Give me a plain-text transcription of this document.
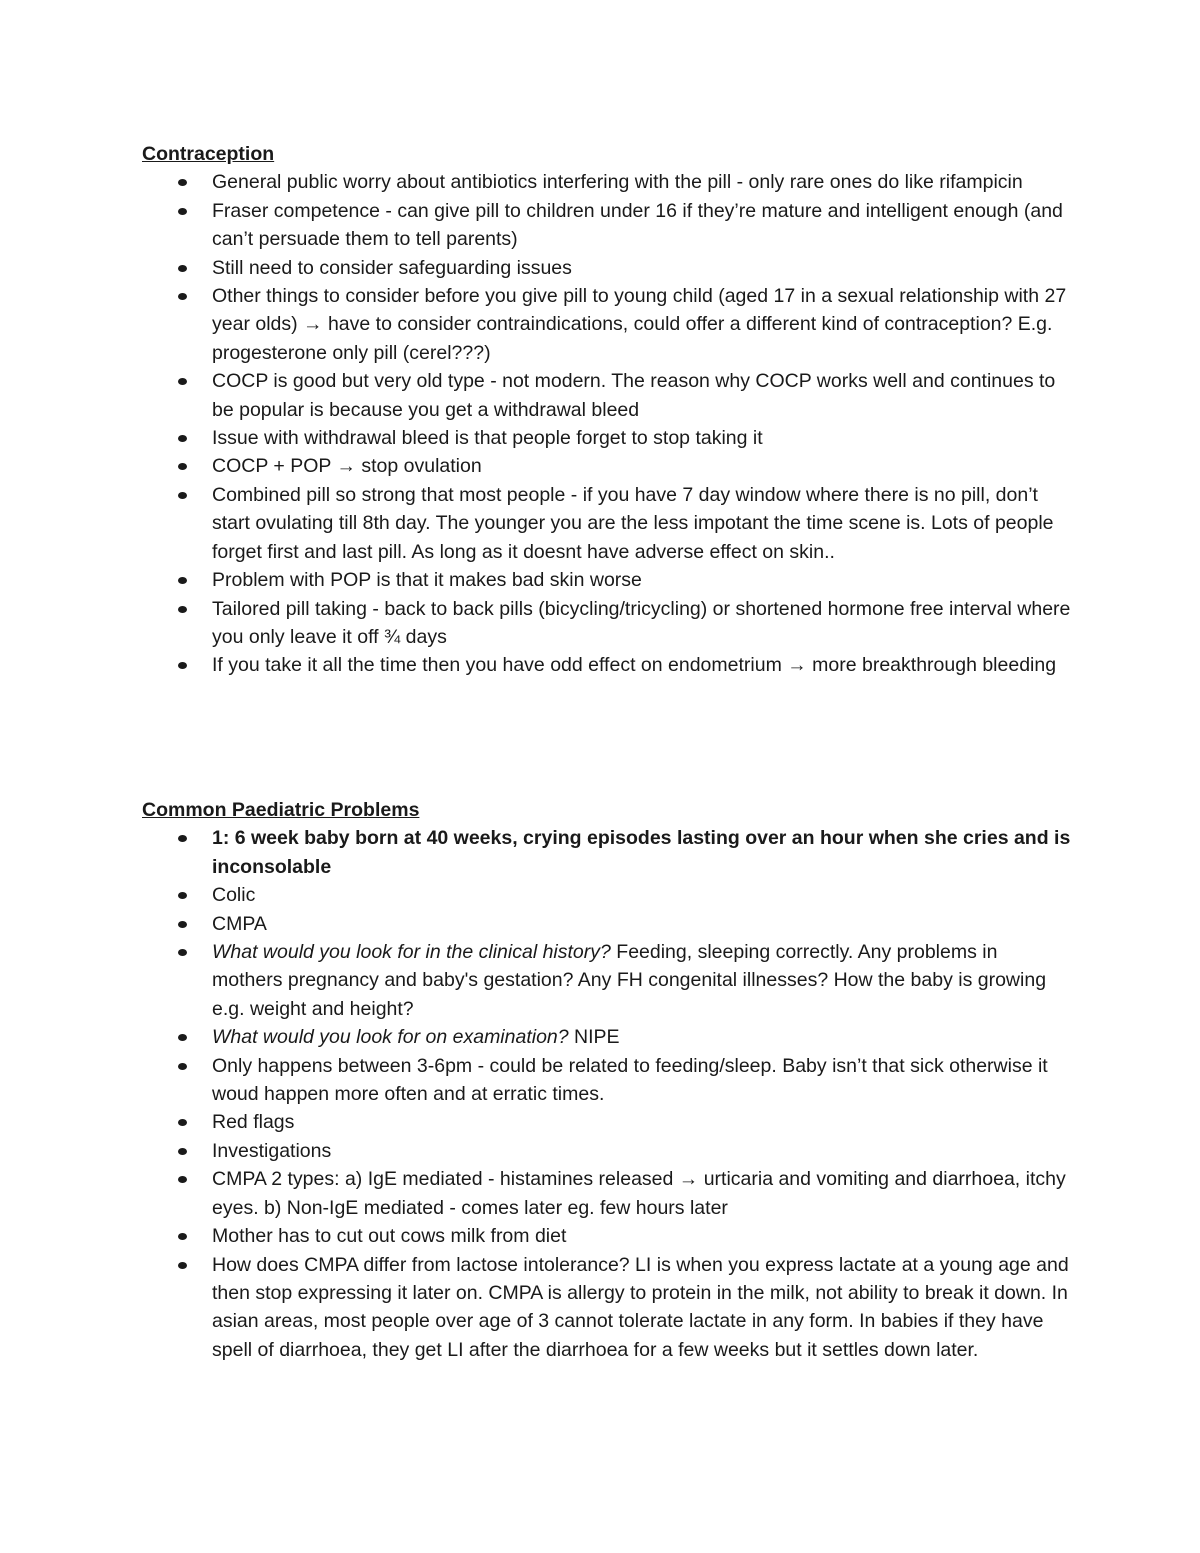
Contraception

General public worry about antibiotics interfering with the pill - only rare ones do like rifampicin
Fraser competence - can give pill to children under 16 if they’re mature and intelligent enough (and can’t persuade them to tell parents)
Still need to consider safeguarding issues
Other things to consider before you give pill to young child (aged 17 in a sexual relationship with 27 year olds) → have to consider contraindications, could offer a different kind of contraception? E.g. progesterone only pill (cerel???)
COCP is good but very old type - not modern. The reason why COCP works well and continues to be popular is because you get a withdrawal bleed
Issue with withdrawal bleed is that people forget to stop taking it
COCP + POP → stop ovulation
Combined pill so strong that most people - if you have 7 day window where there is no pill, don’t start ovulating till 8th day. The younger you are the less impotant the time scene is. Lots of people forget first and last pill. As long as it doesnt have adverse effect on skin..
Problem with POP is that it makes bad skin worse
Tailored pill taking - back to back pills (bicycling/tricycling) or shortened hormone free interval where you only leave it off ¾ days
If you take it all the time then you have odd effect on endometrium → more breakthrough bleeding

Common Paediatric Problems

1: 6 week baby born at 40 weeks, crying episodes lasting over an hour when she cries and is inconsolable
Colic
CMPA
What would you look for in the clinical history? Feeding, sleeping correctly. Any problems in mothers pregnancy and baby's gestation? Any FH congenital illnesses? How the baby is growing e.g. weight and height?
What would you look for on examination? NIPE
Only happens between 3-6pm - could be related to feeding/sleep. Baby isn’t that sick otherwise it woud happen more often and at erratic times.
Red flags
Investigations
CMPA 2 types: a) IgE mediated - histamines released → urticaria and vomiting and diarrhoea, itchy eyes. b) Non-IgE mediated - comes later eg. few hours later
Mother has to cut out cows milk from diet
How does CMPA differ from lactose intolerance? LI is when you express lactate at a young age and then stop expressing it later on. CMPA is allergy to protein in the milk, not ability to break it down. In asian areas, most people over age of 3 cannot tolerate lactate in any form. In babies if they have spell of diarrhoea, they get LI after the diarrhoea for a few weeks but it settles down later.
